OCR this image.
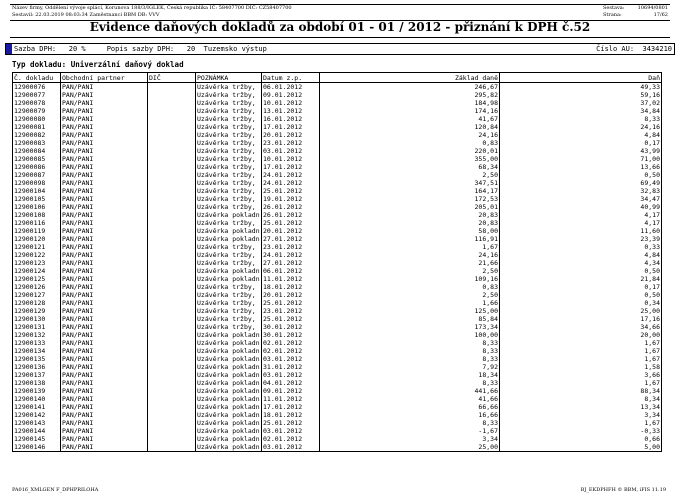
Název firmy, Oddělení vývoje splácí, Korunova 188/3/IGLEK, Česká republika IČ: 58407700 DIČ: CZ58407700
Sestavil: 22.03.2019 08:03:34 Zaměstnanci BBM DB: VVV
Sestava:	10694/0801
Strana:	17/62
Evidence daňových dokladů za období 01 - 01 / 2012 - přiznání k DPH č.52
Sazba DPH:   20 %     Popis sazby DPH:   20  Tuzemsko výstup	Číslo AU:  3434210
Typ dokladu: Univerzální daňový doklad
Č. dokladu	Obchodní partner	DIČ	POZNÁMKA	Datum z.p.	Základ daně	Daň
12900076	PAN/PANI		Uzávěrka tržby,	06.01.2012	246,67	49,33
12900077	PAN/PANI		Uzávěrka tržby,	09.01.2012	295,82	59,16
12900078	PAN/PANI		Uzávěrka tržby,	10.01.2012	184,98	37,02
12900079	PAN/PANI		Uzávěrka tržby,	13.01.2012	174,16	34,84
12900080	PAN/PANI		Uzávěrka tržby,	16.01.2012	41,67	8,33
12900081	PAN/PANI		Uzávěrka tržby,	17.01.2012	120,84	24,16
12900082	PAN/PANI		Uzávěrka tržby,	20.01.2012	24,16	4,84
12900083	PAN/PANI		Uzávěrka tržby,	23.01.2012	0,83	0,17
12900084	PAN/PANI		Uzávěrka tržby,	03.01.2012	220,01	43,99
12900085	PAN/PANI		Uzávěrka tržby,	10.01.2012	355,00	71,00
12900086	PAN/PANI		Uzávěrka tržby,	17.01.2012	68,34	13,66
12900087	PAN/PANI		Uzávěrka tržby,	24.01.2012	2,50	0,50
12900098	PAN/PANI		Uzávěrka tržby,	24.01.2012	347,51	69,49
12900104	PAN/PANI		Uzávěrka tržby,	25.01.2012	164,17	32,83
12900105	PAN/PANI		Uzávěrka tržby,	19.01.2012	172,53	34,47
12900106	PAN/PANI		Uzávěrka tržby,	26.01.2012	205,01	40,99
12900108	PAN/PANI		Uzávěrka pokladn	26.01.2012	20,83	4,17
12900116	PAN/PANI		Uzávěrka tržby,	25.01.2012	20,83	4,17
12900119	PAN/PANI		Uzávěrka pokladn	20.01.2012	58,00	11,60
12900120	PAN/PANI		Uzávěrka pokladn	27.01.2012	116,91	23,39
12900121	PAN/PANI		Uzávěrka tržby,	23.01.2012	1,67	0,33
12900122	PAN/PANI		Uzávěrka tržby,	24.01.2012	24,16	4,84
12900123	PAN/PANI		Uzávěrka tržby,	27.01.2012	21,66	4,34
12900124	PAN/PANI		Uzávěrka pokladn	06.01.2012	2,50	0,50
12900125	PAN/PANI		Uzávěrka pokladn	11.01.2012	109,16	21,84
12900126	PAN/PANI		Uzávěrka tržby,	18.01.2012	0,83	0,17
12900127	PAN/PANI		Uzávěrka tržby,	20.01.2012	2,50	0,50
12900128	PAN/PANI		Uzávěrka tržby,	25.01.2012	1,66	0,34
12900129	PAN/PANI		Uzávěrka tržby,	23.01.2012	125,00	25,00
12900130	PAN/PANI		Uzávěrka tržby,	25.01.2012	85,84	17,16
12900131	PAN/PANI		Uzávěrka tržby,	30.01.2012	173,34	34,66
12900132	PAN/PANI		Uzávěrka pokladn	30.01.2012	100,00	20,00
12900133	PAN/PANI		Uzávěrka pokladn	02.01.2012	8,33	1,67
12900134	PAN/PANI		Uzávěrka pokladn	02.01.2012	8,33	1,67
12900135	PAN/PANI		Uzávěrka pokladn	03.01.2012	8,33	1,67
12900136	PAN/PANI		Uzávěrka pokladn	31.01.2012	7,92	1,58
12900137	PAN/PANI		Uzávěrka pokladn	03.01.2012	18,34	3,66
12900138	PAN/PANI		Uzávěrka pokladn	04.01.2012	8,33	1,67
12900139	PAN/PANI		Uzávěrka pokladn	09.01.2012	441,66	88,34
12900140	PAN/PANI		Uzávěrka pokladn	11.01.2012	41,66	8,34
12900141	PAN/PANI		Uzávěrka pokladn	17.01.2012	66,66	13,34
12900142	PAN/PANI		Uzávěrka pokladn	18.01.2012	16,66	3,34
12900143	PAN/PANI		Uzávěrka pokladn	25.01.2012	8,33	1,67
12900144	PAN/PANI		Uzávěrka pokladn	03.01.2012	-1,67	-0,33
12900145	PAN/PANI		Uzávěrka pokladn	02.01.2012	3,34	0,66
12900146	PAN/PANI		Uzávěrka pokladn	03.01.2012	25,00	5,00
PA016_XMLGEN F_DPHPRILOHA	BJ_EKDPHFH © BBM, iFIS 11.19
